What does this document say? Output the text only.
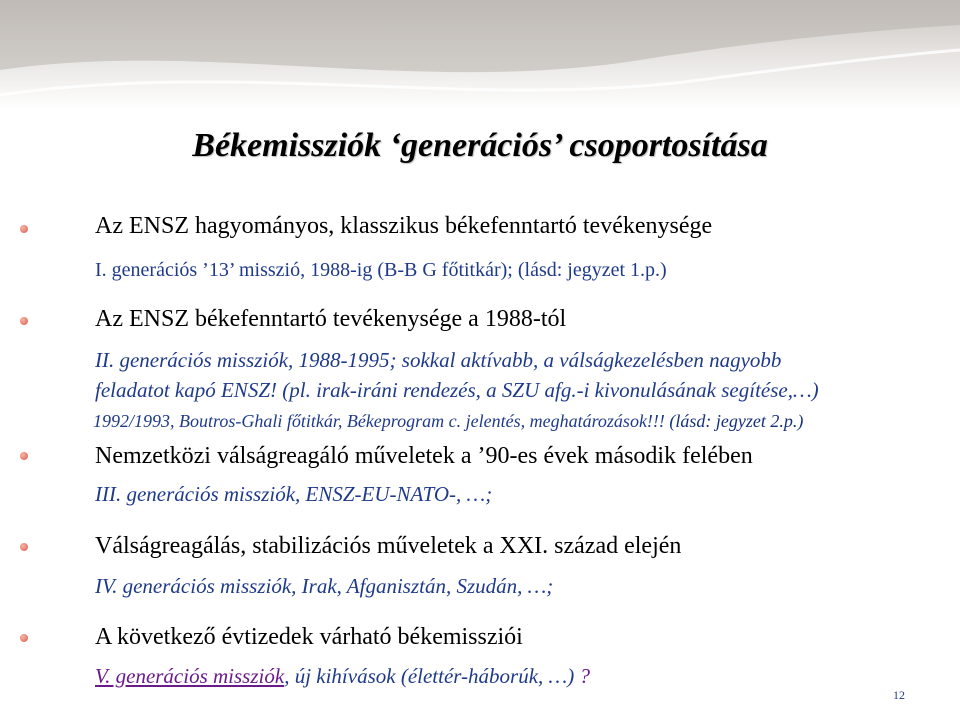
Békemissziók ‘generációs’ csoportosítása
Az ENSZ hagyományos, klasszikus békefenntartó tevékenysége
I. generációs ’13’ misszió, 1988-ig (B-B G főtitkár); (lásd: jegyzet 1.p.)
Az ENSZ békefenntartó tevékenysége a 1988-tól
II. generációs missziók, 1988-1995; sokkal aktívabb, a válságkezelésben nagyobb
feladatot kapó ENSZ! (pl. irak-iráni rendezés, a SZU afg.-i kivonulásának segítése,…)
1992/1993, Boutros-Ghali főtitkár, Békeprogram c. jelentés, meghatározások!!! (lásd: jegyzet 2.p.)
Nemzetközi válságreagáló műveletek a ’90-es évek második felében
III. generációs missziók, ENSZ-EU-NATO-, …;
Válságreagálás, stabilizációs műveletek a XXI. század elején
IV. generációs missziók, Irak, Afganisztán, Szudán, …;
A következő évtizedek várható békemissziói
V. generációs missziók, új kihívások (élettér-háborúk, …) ?
12
